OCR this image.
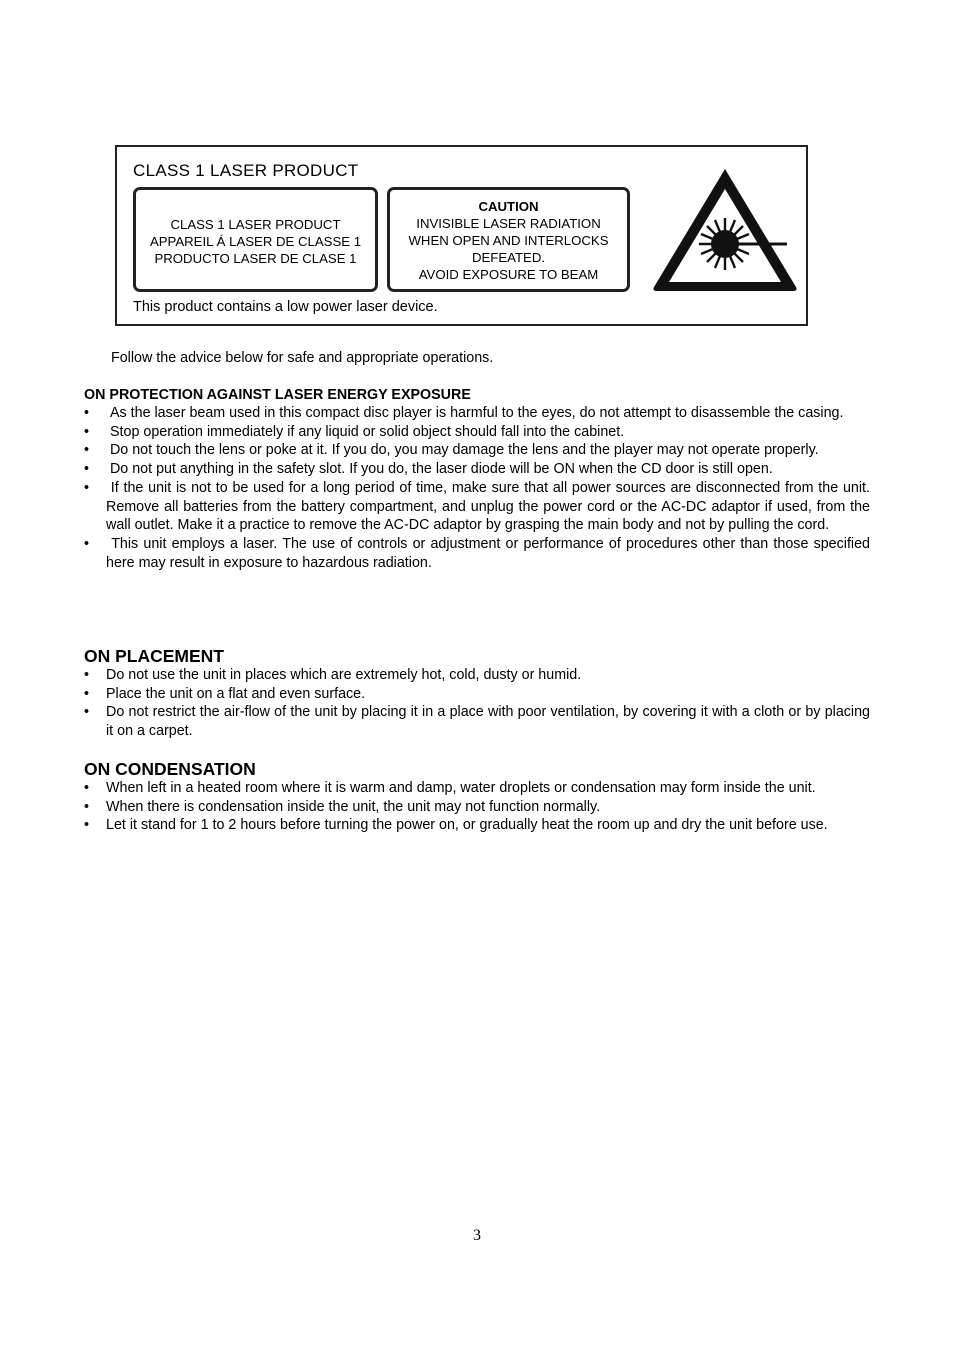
CLASS 1 LASER PRODUCT
CLASS 1 LASER PRODUCT
APPAREIL Á LASER DE CLASSE 1
PRODUCTO LASER DE CLASE 1
CAUTION
INVISIBLE LASER RADIATION
WHEN OPEN AND INTERLOCKS
DEFEATED.
AVOID EXPOSURE TO BEAM
This product contains a low power laser device.
Follow the advice below for safe and appropriate operations.
ON PROTECTION AGAINST LASER ENERGY EXPOSURE
• As the laser beam used in this compact disc player is harmful to the eyes, do not attempt to disassemble the casing.
• Stop operation immediately if any liquid or solid object should fall into the cabinet.
• Do not touch the lens or poke at it. If you do, you may damage the lens and the player may not operate properly.
• Do not put anything in the safety slot. If you do, the laser diode will be ON when the CD door is still open.
• If the unit is not to be used for a long period of time, make sure that all power sources are disconnected from the unit. Remove all batteries from the battery compartment, and unplug the power cord or the AC-DC adaptor if used, from the wall outlet. Make it a practice to remove the AC-DC adaptor by grasping the main body and not by pulling the cord.
• This unit employs a laser. The use of controls or adjustment or performance of procedures other than those specified here may result in exposure to hazardous radiation.
ON PLACEMENT
• Do not use the unit in places which are extremely hot, cold, dusty or humid.
• Place the unit on a flat and even surface.
• Do not restrict the air-flow of the unit by placing it in a place with poor ventilation, by covering it with a cloth or by placing it on a carpet.
ON CONDENSATION
• When left in a heated room where it is warm and damp, water droplets or condensation may form inside the unit.
• When there is condensation inside the unit, the unit may not function normally.
• Let it stand for 1 to 2 hours before turning the power on, or gradually heat the room up and dry the unit before use.
3
